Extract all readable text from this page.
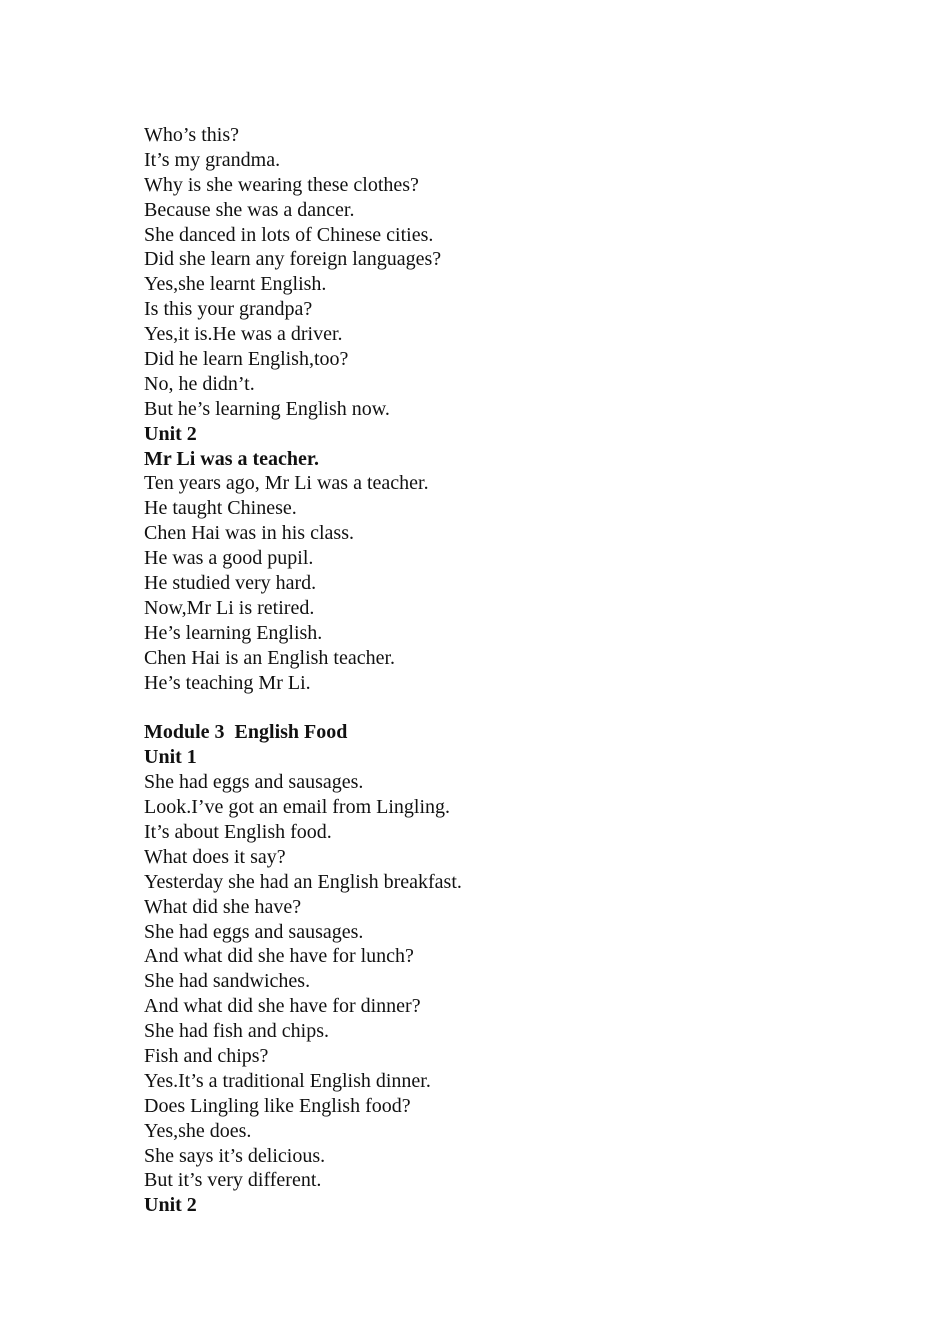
Who’s this?
It’s my grandma.
Why is she wearing these clothes?
Because she was a dancer.
She danced in lots of Chinese cities.
Did she learn any foreign languages?
Yes,she learnt English.
Is this your grandpa?
Yes,it is.He was a driver.
Did he learn English,too?
No, he didn’t.
But he’s learning English now.
Unit 2
Mr Li was a teacher.
Ten years ago, Mr Li was a teacher.
He taught Chinese.
Chen Hai was in his class.
He was a good pupil.
He studied very hard.
Now,Mr Li is retired.
He’s learning English.
Chen Hai is an English teacher.
He’s teaching Mr Li.
Module 3  English Food
Unit 1
She had eggs and sausages.
Look.I’ve got an email from Lingling.
It’s about English food.
What does it say?
Yesterday she had an English breakfast.
What did she have?
She had eggs and sausages.
And what did she have for lunch?
She had sandwiches.
And what did she have for dinner?
She had fish and chips.
Fish and chips?
Yes.It’s a traditional English dinner.
Does Lingling like English food?
Yes,she does.
She says it’s delicious.
But it’s very different.
Unit 2
